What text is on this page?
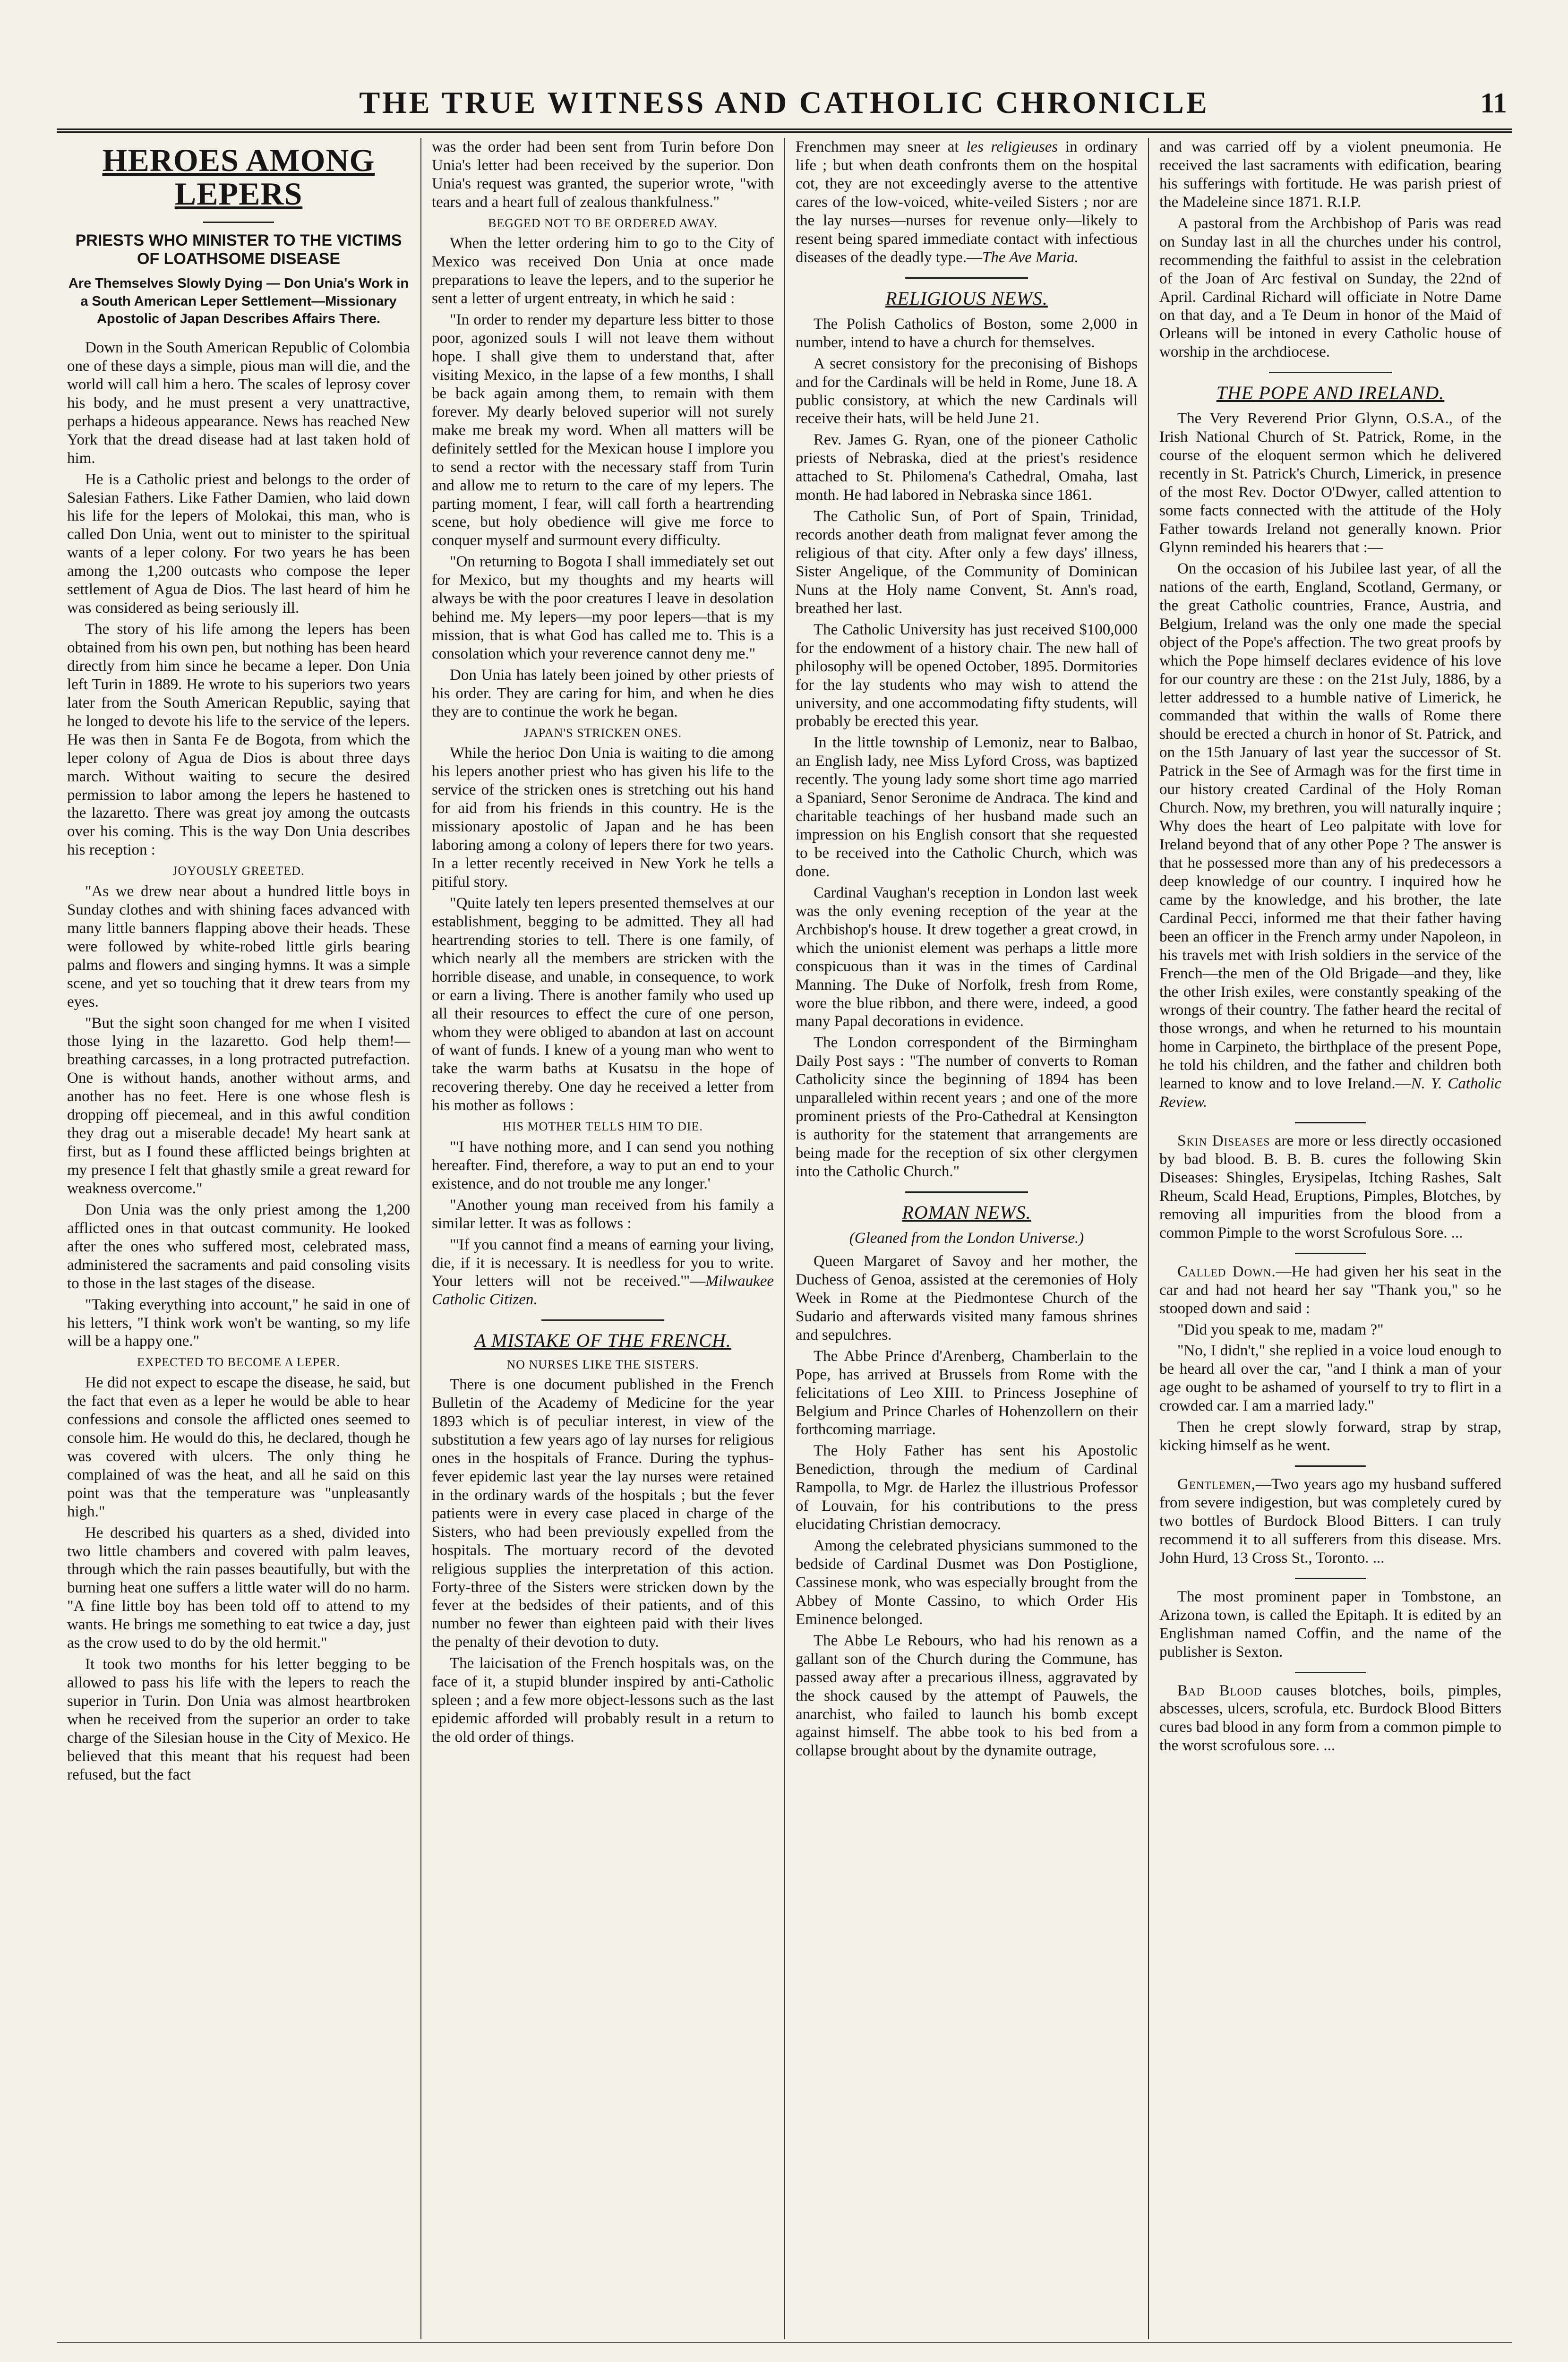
THE TRUE WITNESS AND CATHOLIC CHRONICLE	11
HEROES AMONG LEPERS
PRIESTS WHO MINISTER TO THE VICTIMS OF LOATHSOME DISEASE
Are Themselves Slowly Dying — Don Unia's Work in a South American Leper Settlement—Missionary Apostolic of Japan Describes Affairs There.

Down in the South American Republic of Colombia one of these days a simple, pious man will die, and the world will call him a hero. The scales of leprosy cover his body, and he must present a very unattractive, perhaps a hideous appearance. News has reached New York that the dread disease had at last taken hold of him.

He is a Catholic priest and belongs to the order of Salesian Fathers. Like Father Damien, who laid down his life for the lepers of Molokai, this man, who is called Don Unia, went out to minister to the spiritual wants of a leper colony. For two years he has been among the 1,200 outcasts who compose the leper settlement of Agua de Dios. The last heard of him he was considered as being seriously ill.

The story of his life among the lepers has been obtained from his own pen, but nothing has been heard directly from him since he became a leper. Don Unia left Turin in 1889. He wrote to his superiors two years later from the South American Republic, saying that he longed to devote his life to the service of the lepers. He was then in Santa Fe de Bogota, from which the leper colony of Agua de Dios is about three days march. Without waiting to secure the desired permission to labor among the lepers he hastened to the lazaretto. There was great joy among the outcasts over his coming. This is the way Don Unia describes his reception :

JOYOUSLY GREETED.

"As we drew near about a hundred little boys in Sunday clothes and with shining faces advanced with many little banners flapping above their heads. These were followed by white-robed little girls bearing palms and flowers and singing hymns. It was a simple scene, and yet so touching that it drew tears from my eyes.

"But the sight soon changed for me when I visited those lying in the lazaretto. God help them!—breathing carcasses, in a long protracted putrefaction. One is without hands, another without arms, and another has no feet. Here is one whose flesh is dropping off piecemeal, and in this awful condition they drag out a miserable decade! My heart sank at first, but as I found these afflicted beings brighten at my presence I felt that ghastly smile a great reward for weakness overcome."

Don Unia was the only priest among the 1,200 afflicted ones in that outcast community. He looked after the ones who suffered most, celebrated mass, administered the sacraments and paid consoling visits to those in the last stages of the disease.

"Taking everything into account," he said in one of his letters, "I think work won't be wanting, so my life will be a happy one."

EXPECTED TO BECOME A LEPER.

He did not expect to escape the disease, he said, but the fact that even as a leper he would be able to hear confessions and console the afflicted ones seemed to console him. He would do this, he declared, though he was covered with ulcers. The only thing he complained of was the heat, and all he said on this point was that the temperature was "unpleasantly high."

He described his quarters as a shed, divided into two little chambers and covered with palm leaves, through which the rain passes beautifully, but with the burning heat one suffers a little water will do no harm. "A fine little boy has been told off to attend to my wants. He brings me something to eat twice a day, just as the crow used to do by the old hermit."

It took two months for his letter begging to be allowed to pass his life with the lepers to reach the superior in Turin. Don Unia was almost heartbroken when he received from the superior an order to take charge of the Silesian house in the City of Mexico. He believed that this meant that his request had been refused, but the fact

was the order had been sent from Turin before Don Unia's letter had been received by the superior. Don Unia's request was granted, the superior wrote, "with tears and a heart full of zealous thankfulness."

BEGGED NOT TO BE ORDERED AWAY.

When the letter ordering him to go to the City of Mexico was received Don Unia at once made preparations to leave the lepers, and to the superior he sent a letter of urgent entreaty, in which he said :

"In order to render my departure less bitter to those poor, agonized souls I will not leave them without hope. I shall give them to understand that, after visiting Mexico, in the lapse of a few months, I shall be back again among them, to remain with them forever. My dearly beloved superior will not surely make me break my word. When all matters will be definitely settled for the Mexican house I implore you to send a rector with the necessary staff from Turin and allow me to return to the care of my lepers. The parting moment, I fear, will call forth a heartrending scene, but holy obedience will give me force to conquer myself and surmount every difficulty.

"On returning to Bogota I shall immediately set out for Mexico, but my thoughts and my hearts will always be with the poor creatures I leave in desolation behind me. My lepers—my poor lepers—that is my mission, that is what God has called me to. This is a consolation which your reverence cannot deny me."

Don Unia has lately been joined by other priests of his order. They are caring for him, and when he dies they are to continue the work he began.

JAPAN'S STRICKEN ONES.

While the herioc Don Unia is waiting to die among his lepers another priest who has given his life to the service of the stricken ones is stretching out his hand for aid from his friends in this country. He is the missionary apostolic of Japan and he has been laboring among a colony of lepers there for two years. In a letter recently received in New York he tells a pitiful story.

"Quite lately ten lepers presented themselves at our establishment, begging to be admitted. They all had heartrending stories to tell. There is one family, of which nearly all the members are stricken with the horrible disease, and unable, in consequence, to work or earn a living. There is another family who used up all their resources to effect the cure of one person, whom they were obliged to abandon at last on account of want of funds. I knew of a young man who went to take the warm baths at Kusatsu in the hope of recovering thereby. One day he received a letter from his mother as follows :

HIS MOTHER TELLS HIM TO DIE.

"'I have nothing more, and I can send you nothing hereafter. Find, therefore, a way to put an end to your existence, and do not trouble me any longer.'

"Another young man received from his family a similar letter. It was as follows :

"'If you cannot find a means of earning your living, die, if it is necessary. It is needless for you to write. Your letters will not be received.'"—Milwaukee Catholic Citizen.

A MISTAKE OF THE FRENCH.
NO NURSES LIKE THE SISTERS.

There is one document published in the French Bulletin of the Academy of Medicine for the year 1893 which is of peculiar interest, in view of the substitution a few years ago of lay nurses for religious ones in the hospitals of France. During the typhus-fever epidemic last year the lay nurses were retained in the ordinary wards of the hospitals ; but the fever patients were in every case placed in charge of the Sisters, who had been previously expelled from the hospitals. The mortuary record of the devoted religious supplies the interpretation of this action. Forty-three of the Sisters were stricken down by the fever at the bedsides of their patients, and of this number no fewer than eighteen paid with their lives the penalty of their devotion to duty.

The laicisation of the French hospitals was, on the face of it, a stupid blunder inspired by anti-Catholic spleen ; and a few more object-lessons such as the last epidemic afforded will probably result in a return to the old order of things.

Frenchmen may sneer at les religieuses in ordinary life ; but when death confronts them on the hospital cot, they are not exceedingly averse to the attentive cares of the low-voiced, white-veiled Sisters ; nor are the lay nurses—nurses for revenue only—likely to resent being spared immediate contact with infectious diseases of the deadly type.—The Ave Maria.

RELIGIOUS NEWS.

The Polish Catholics of Boston, some 2,000 in number, intend to have a church for themselves.

A secret consistory for the preconising of Bishops and for the Cardinals will be held in Rome, June 18. A public consistory, at which the new Cardinals will receive their hats, will be held June 21.

Rev. James G. Ryan, one of the pioneer Catholic priests of Nebraska, died at the priest's residence attached to St. Philomena's Cathedral, Omaha, last month. He had labored in Nebraska since 1861.

The Catholic Sun, of Port of Spain, Trinidad, records another death from malignat fever among the religious of that city. After only a few days' illness, Sister Angelique, of the Community of Dominican Nuns at the Holy name Convent, St. Ann's road, breathed her last.

The Catholic University has just received $100,000 for the endowment of a history chair. The new hall of philosophy will be opened October, 1895. Dormitories for the lay students who may wish to attend the university, and one accommodating fifty students, will probably be erected this year.

In the little township of Lemoniz, near to Balbao, an English lady, nee Miss Lyford Cross, was baptized recently. The young lady some short time ago married a Spaniard, Senor Seronime de Andraca. The kind and charitable teachings of her husband made such an impression on his English consort that she requested to be received into the Catholic Church, which was done.

Cardinal Vaughan's reception in London last week was the only evening reception of the year at the Archbishop's house. It drew together a great crowd, in which the unionist element was perhaps a little more conspicuous than it was in the times of Cardinal Manning. The Duke of Norfolk, fresh from Rome, wore the blue ribbon, and there were, indeed, a good many Papal decorations in evidence.

The London correspondent of the Birmingham Daily Post says : "The number of converts to Roman Catholicity since the beginning of 1894 has been unparalleled within recent years ; and one of the more prominent priests of the Pro-Cathedral at Kensington is authority for the statement that arrangements are being made for the reception of six other clergymen into the Catholic Church."

ROMAN NEWS.
(Gleaned from the London Universe.)

Queen Margaret of Savoy and her mother, the Duchess of Genoa, assisted at the ceremonies of Holy Week in Rome at the Piedmontese Church of the Sudario and afterwards visited many famous shrines and sepulchres.

The Abbe Prince d'Arenberg, Chamberlain to the Pope, has arrived at Brussels from Rome with the felicitations of Leo XIII. to Princess Josephine of Belgium and Prince Charles of Hohenzollern on their forthcoming marriage.

The Holy Father has sent his Apostolic Benediction, through the medium of Cardinal Rampolla, to Mgr. de Harlez the illustrious Professor of Louvain, for his contributions to the press elucidating Christian democracy.

Among the celebrated physicians summoned to the bedside of Cardinal Dusmet was Don Postiglione, Cassinese monk, who was especially brought from the Abbey of Monte Cassino, to which Order His Eminence belonged.

The Abbe Le Rebours, who had his renown as a gallant son of the Church during the Commune, has passed away after a precarious illness, aggravated by the shock caused by the attempt of Pauwels, the anarchist, who failed to launch his bomb except against himself. The abbe took to his bed from a collapse brought about by the dynamite outrage,

and was carried off by a violent pneumonia. He received the last sacraments with edification, bearing his sufferings with fortitude. He was parish priest of the Madeleine since 1871. R.I.P.

A pastoral from the Archbishop of Paris was read on Sunday last in all the churches under his control, recommending the faithful to assist in the celebration of the Joan of Arc festival on Sunday, the 22nd of April. Cardinal Richard will officiate in Notre Dame on that day, and a Te Deum in honor of the Maid of Orleans will be intoned in every Catholic house of worship in the archdiocese.

THE POPE AND IRELAND.

The Very Reverend Prior Glynn, O.S.A., of the Irish National Church of St. Patrick, Rome, in the course of the eloquent sermon which he delivered recently in St. Patrick's Church, Limerick, in presence of the most Rev. Doctor O'Dwyer, called attention to some facts connected with the attitude of the Holy Father towards Ireland not generally known. Prior Glynn reminded his hearers that :—

On the occasion of his Jubilee last year, of all the nations of the earth, England, Scotland, Germany, or the great Catholic countries, France, Austria, and Belgium, Ireland was the only one made the special object of the Pope's affection. The two great proofs by which the Pope himself declares evidence of his love for our country are these : on the 21st July, 1886, by a letter addressed to a humble native of Limerick, he commanded that within the walls of Rome there should be erected a church in honor of St. Patrick, and on the 15th January of last year the successor of St. Patrick in the See of Armagh was for the first time in our history created Cardinal of the Holy Roman Church. Now, my brethren, you will naturally inquire ; Why does the heart of Leo palpitate with love for Ireland beyond that of any other Pope ? The answer is that he possessed more than any of his predecessors a deep knowledge of our country. I inquired how he came by the knowledge, and his brother, the late Cardinal Pecci, informed me that their father having been an officer in the French army under Napoleon, in his travels met with Irish soldiers in the service of the French—the men of the Old Brigade—and they, like the other Irish exiles, were constantly speaking of the wrongs of their country. The father heard the recital of those wrongs, and when he returned to his mountain home in Carpineto, the birthplace of the present Pope, he told his children, and the father and children both learned to know and to love Ireland.—N. Y. Catholic Review.

Skin Diseases are more or less directly occasioned by bad blood. B. B. B. cures the following Skin Diseases: Shingles, Erysipelas, Itching Rashes, Salt Rheum, Scald Head, Eruptions, Pimples, Blotches, by removing all impurities from the blood from a common Pimple to the worst Scrofulous Sore. ...

Called Down.—He had given her his seat in the car and had not heard her say "Thank you," so he stooped down and said :

"Did you speak to me, madam ?"

"No, I didn't," she replied in a voice loud enough to be heard all over the car, "and I think a man of your age ought to be ashamed of yourself to try to flirt in a crowded car. I am a married lady."

Then he crept slowly forward, strap by strap, kicking himself as he went.

Gentlemen,—Two years ago my husband suffered from severe indigestion, but was completely cured by two bottles of Burdock Blood Bitters. I can truly recommend it to all sufferers from this disease. Mrs. John Hurd, 13 Cross St., Toronto. ...

The most prominent paper in Tombstone, an Arizona town, is called the Epitaph. It is edited by an Englishman named Coffin, and the name of the publisher is Sexton.

Bad Blood causes blotches, boils, pimples, abscesses, ulcers, scrofula, etc. Burdock Blood Bitters cures bad blood in any form from a common pimple to the worst scrofulous sore. ...
